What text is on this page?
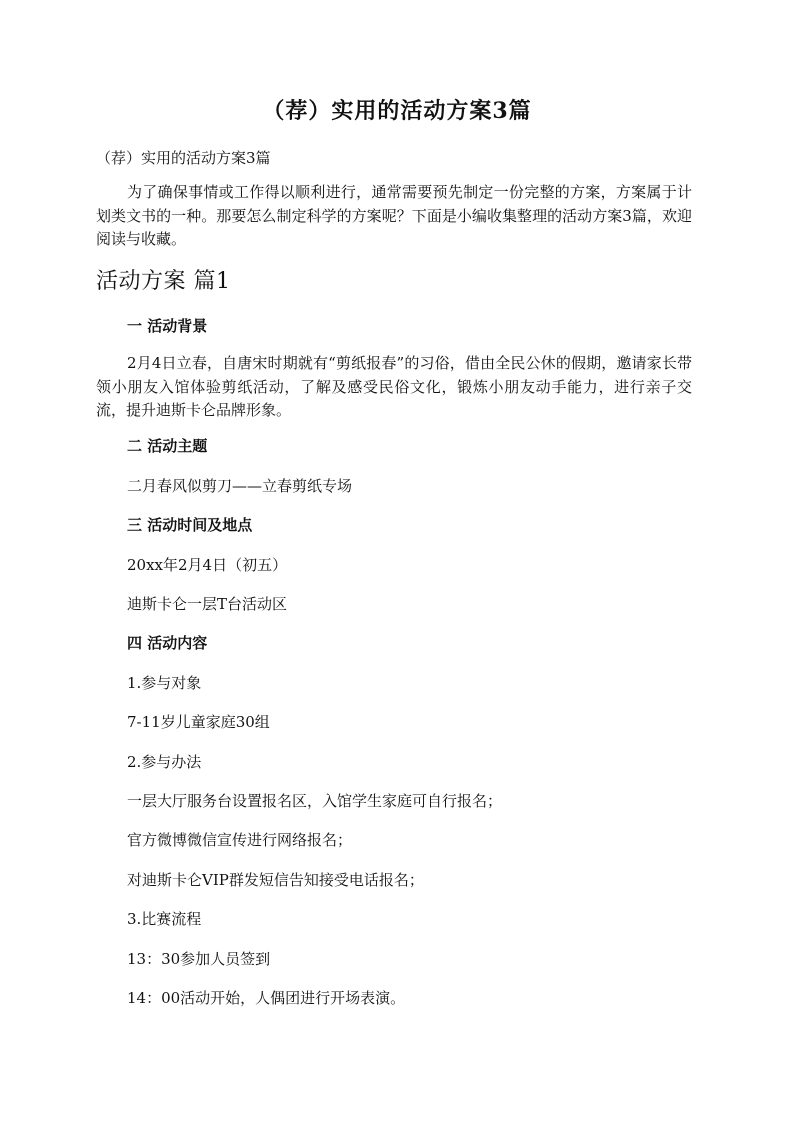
（荐）实用的活动方案3篇
（荐）实用的活动方案3篇
为了确保事情或工作得以顺利进行，通常需要预先制定一份完整的方案，方案属于计划类文书的一种。那要怎么制定科学的方案呢？下面是小编收集整理的活动方案3篇，欢迎阅读与收藏。
活动方案 篇1
一 活动背景
2月4日立春，自唐宋时期就有“剪纸报春”的习俗，借由全民公休的假期，邀请家长带领小朋友入馆体验剪纸活动，了解及感受民俗文化，锻炼小朋友动手能力，进行亲子交流，提升迪斯卡仑品牌形象。
二 活动主题
二月春风似剪刀——立春剪纸专场
三 活动时间及地点
20xx年2月4日（初五）
迪斯卡仑一层T台活动区
四 活动内容
1.参与对象
7-11岁儿童家庭30组
2.参与办法
一层大厅服务台设置报名区，入馆学生家庭可自行报名；
官方微博微信宣传进行网络报名；
对迪斯卡仑VIP群发短信告知接受电话报名；
3.比赛流程
13：30参加人员签到
14：00活动开始，人偶团进行开场表演。
